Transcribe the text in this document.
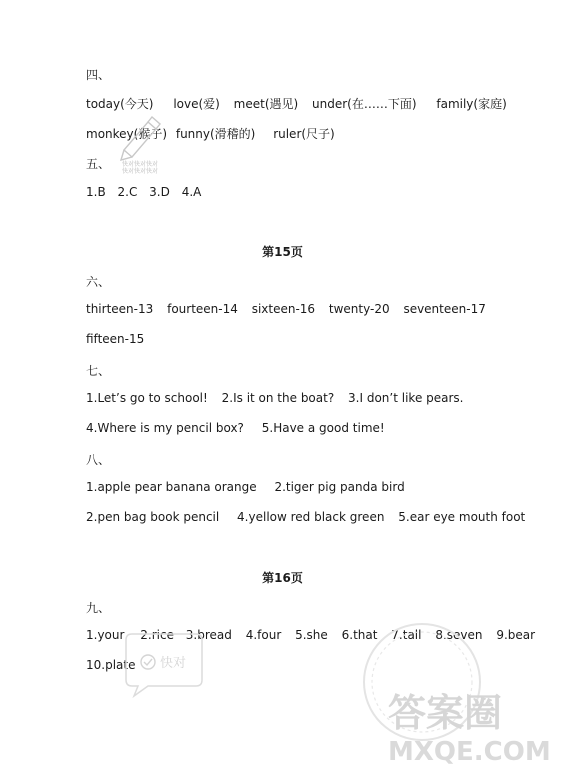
四、
today(今天) love(爱) meet(遇见) under(在……下面) family(家庭)
monkey(猴子) funny(滑稽的) ruler(尺子)
五、
1.B 2.C 3.D 4.A
第15页
六、
thirteen-13 fourteen-14 sixteen-16 twenty-20 seventeen-17
fifteen-15
七、
1.Let’s go to school! 2.Is it on the boat? 3.I don’t like pears.
4.Where is my pencil box? 5.Have a good time!
八、
1.apple pear banana orange 2.tiger pig panda bird
2.pen bag book pencil 4.yellow red black green 5.ear eye mouth foot
第16页
九、
1.your 2.rice 3.bread 4.four 5.she 6.that 7.tall 8.seven 9.bear
10.plate
快对快对快对
快对快对快对
快对
答案圈
MXQE.COM
